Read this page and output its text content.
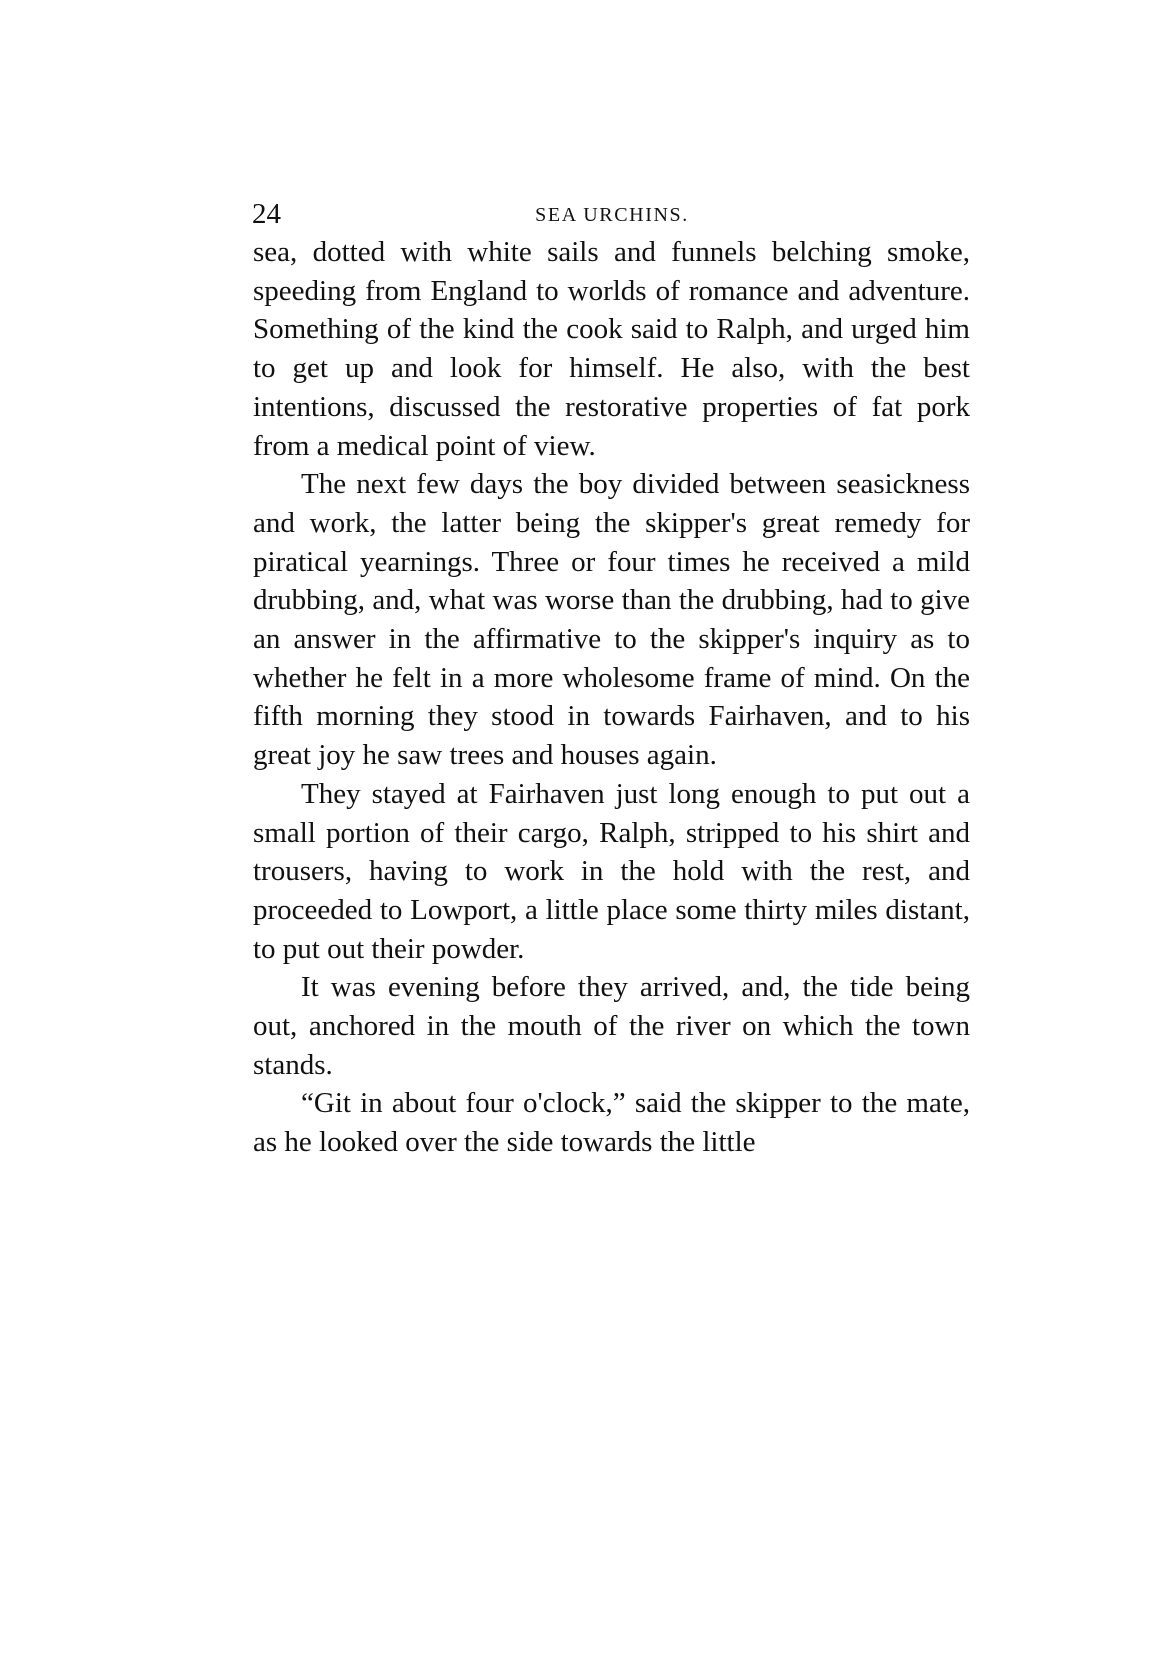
24	SEA URCHINS.

sea, dotted with white sails and funnels belching smoke, speeding from England to worlds of romance and adventure. Something of the kind the cook said to Ralph, and urged him to get up and look for himself. He also, with the best intentions, discussed the restorative properties of fat pork from a medical point of view.

The next few days the boy divided between seasickness and work, the latter being the skipper's great remedy for piratical yearnings. Three or four times he received a mild drubbing, and, what was worse than the drubbing, had to give an answer in the affirmative to the skipper's inquiry as to whether he felt in a more wholesome frame of mind. On the fifth morning they stood in towards Fairhaven, and to his great joy he saw trees and houses again.

They stayed at Fairhaven just long enough to put out a small portion of their cargo, Ralph, stripped to his shirt and trousers, having to work in the hold with the rest, and proceeded to Lowport, a little place some thirty miles distant, to put out their powder.

It was evening before they arrived, and, the tide being out, anchored in the mouth of the river on which the town stands.

“Git in about four o'clock,” said the skipper to the mate, as he looked over the side towards the little
